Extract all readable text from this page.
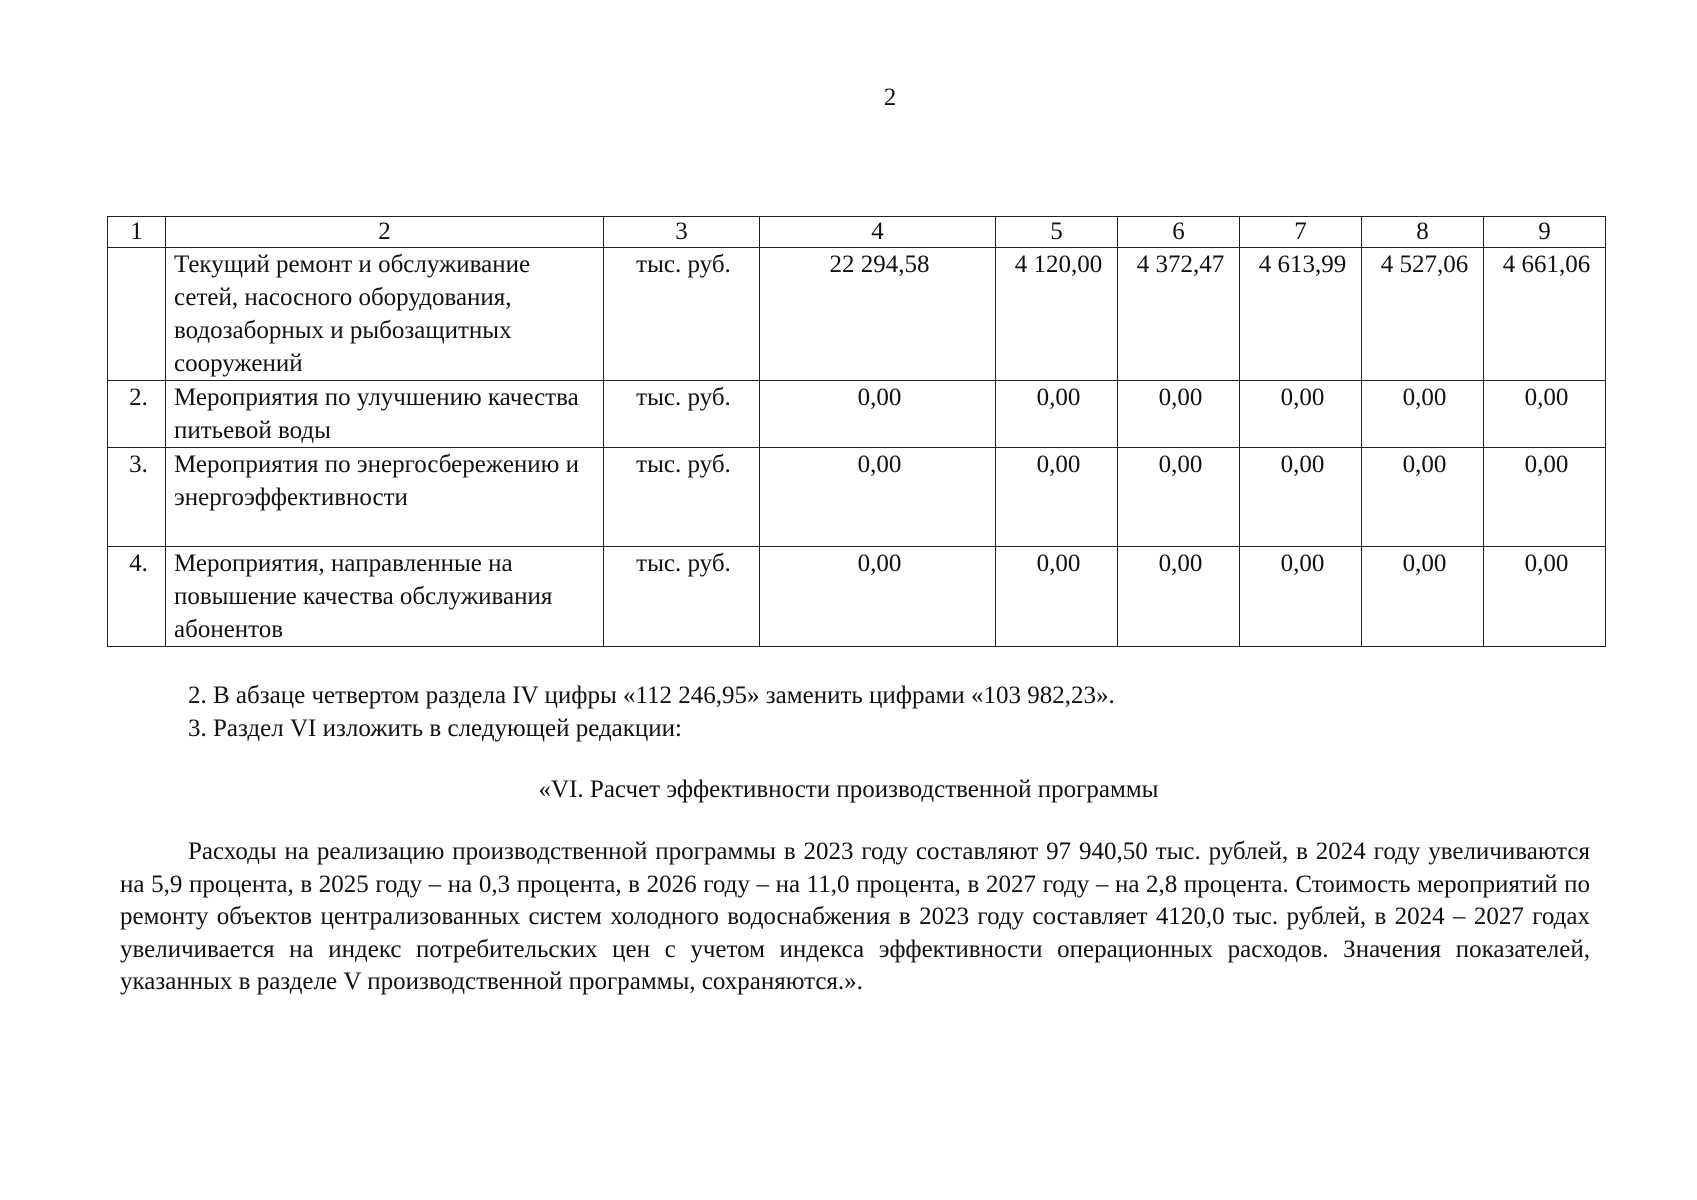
2
1	2	3	4	5	6	7	8	9
	Текущий ремонт и обслуживание сетей, насосного оборудования, водозаборных и рыбозащитных сооружений	тыс. руб.	22 294,58	4 120,00	4 372,47	4 613,99	4 527,06	4 661,06
2.	Мероприятия по улучшению качества питьевой воды	тыс. руб.	0,00	0,00	0,00	0,00	0,00	0,00
3.	Мероприятия по энергосбережению и энергоэффективности	тыс. руб.	0,00	0,00	0,00	0,00	0,00	0,00
4.	Мероприятия, направленные на повышение качества обслуживания абонентов	тыс. руб.	0,00	0,00	0,00	0,00	0,00	0,00
2. В абзаце четвертом раздела IV цифры «112 246,95» заменить цифрами «103 982,23».
3. Раздел VI изложить в следующей редакции:
«VI. Расчет эффективности производственной программы
Расходы на реализацию производственной программы в 2023 году составляют 97 940,50 тыс. рублей, в 2024 году увеличиваются на 5,9 процента, в 2025 году – на 0,3 процента, в 2026 году – на 11,0 процента, в 2027 году – на 2,8 процента. Стоимость мероприятий по ремонту объектов централизованных систем холодного водоснабжения в 2023 году составляет 4120,0 тыс. рублей, в 2024 – 2027 годах увеличивается на индекс потребительских цен с учетом индекса эффективности операционных расходов. Значения показателей, указанных в разделе V производственной программы, сохраняются.».
